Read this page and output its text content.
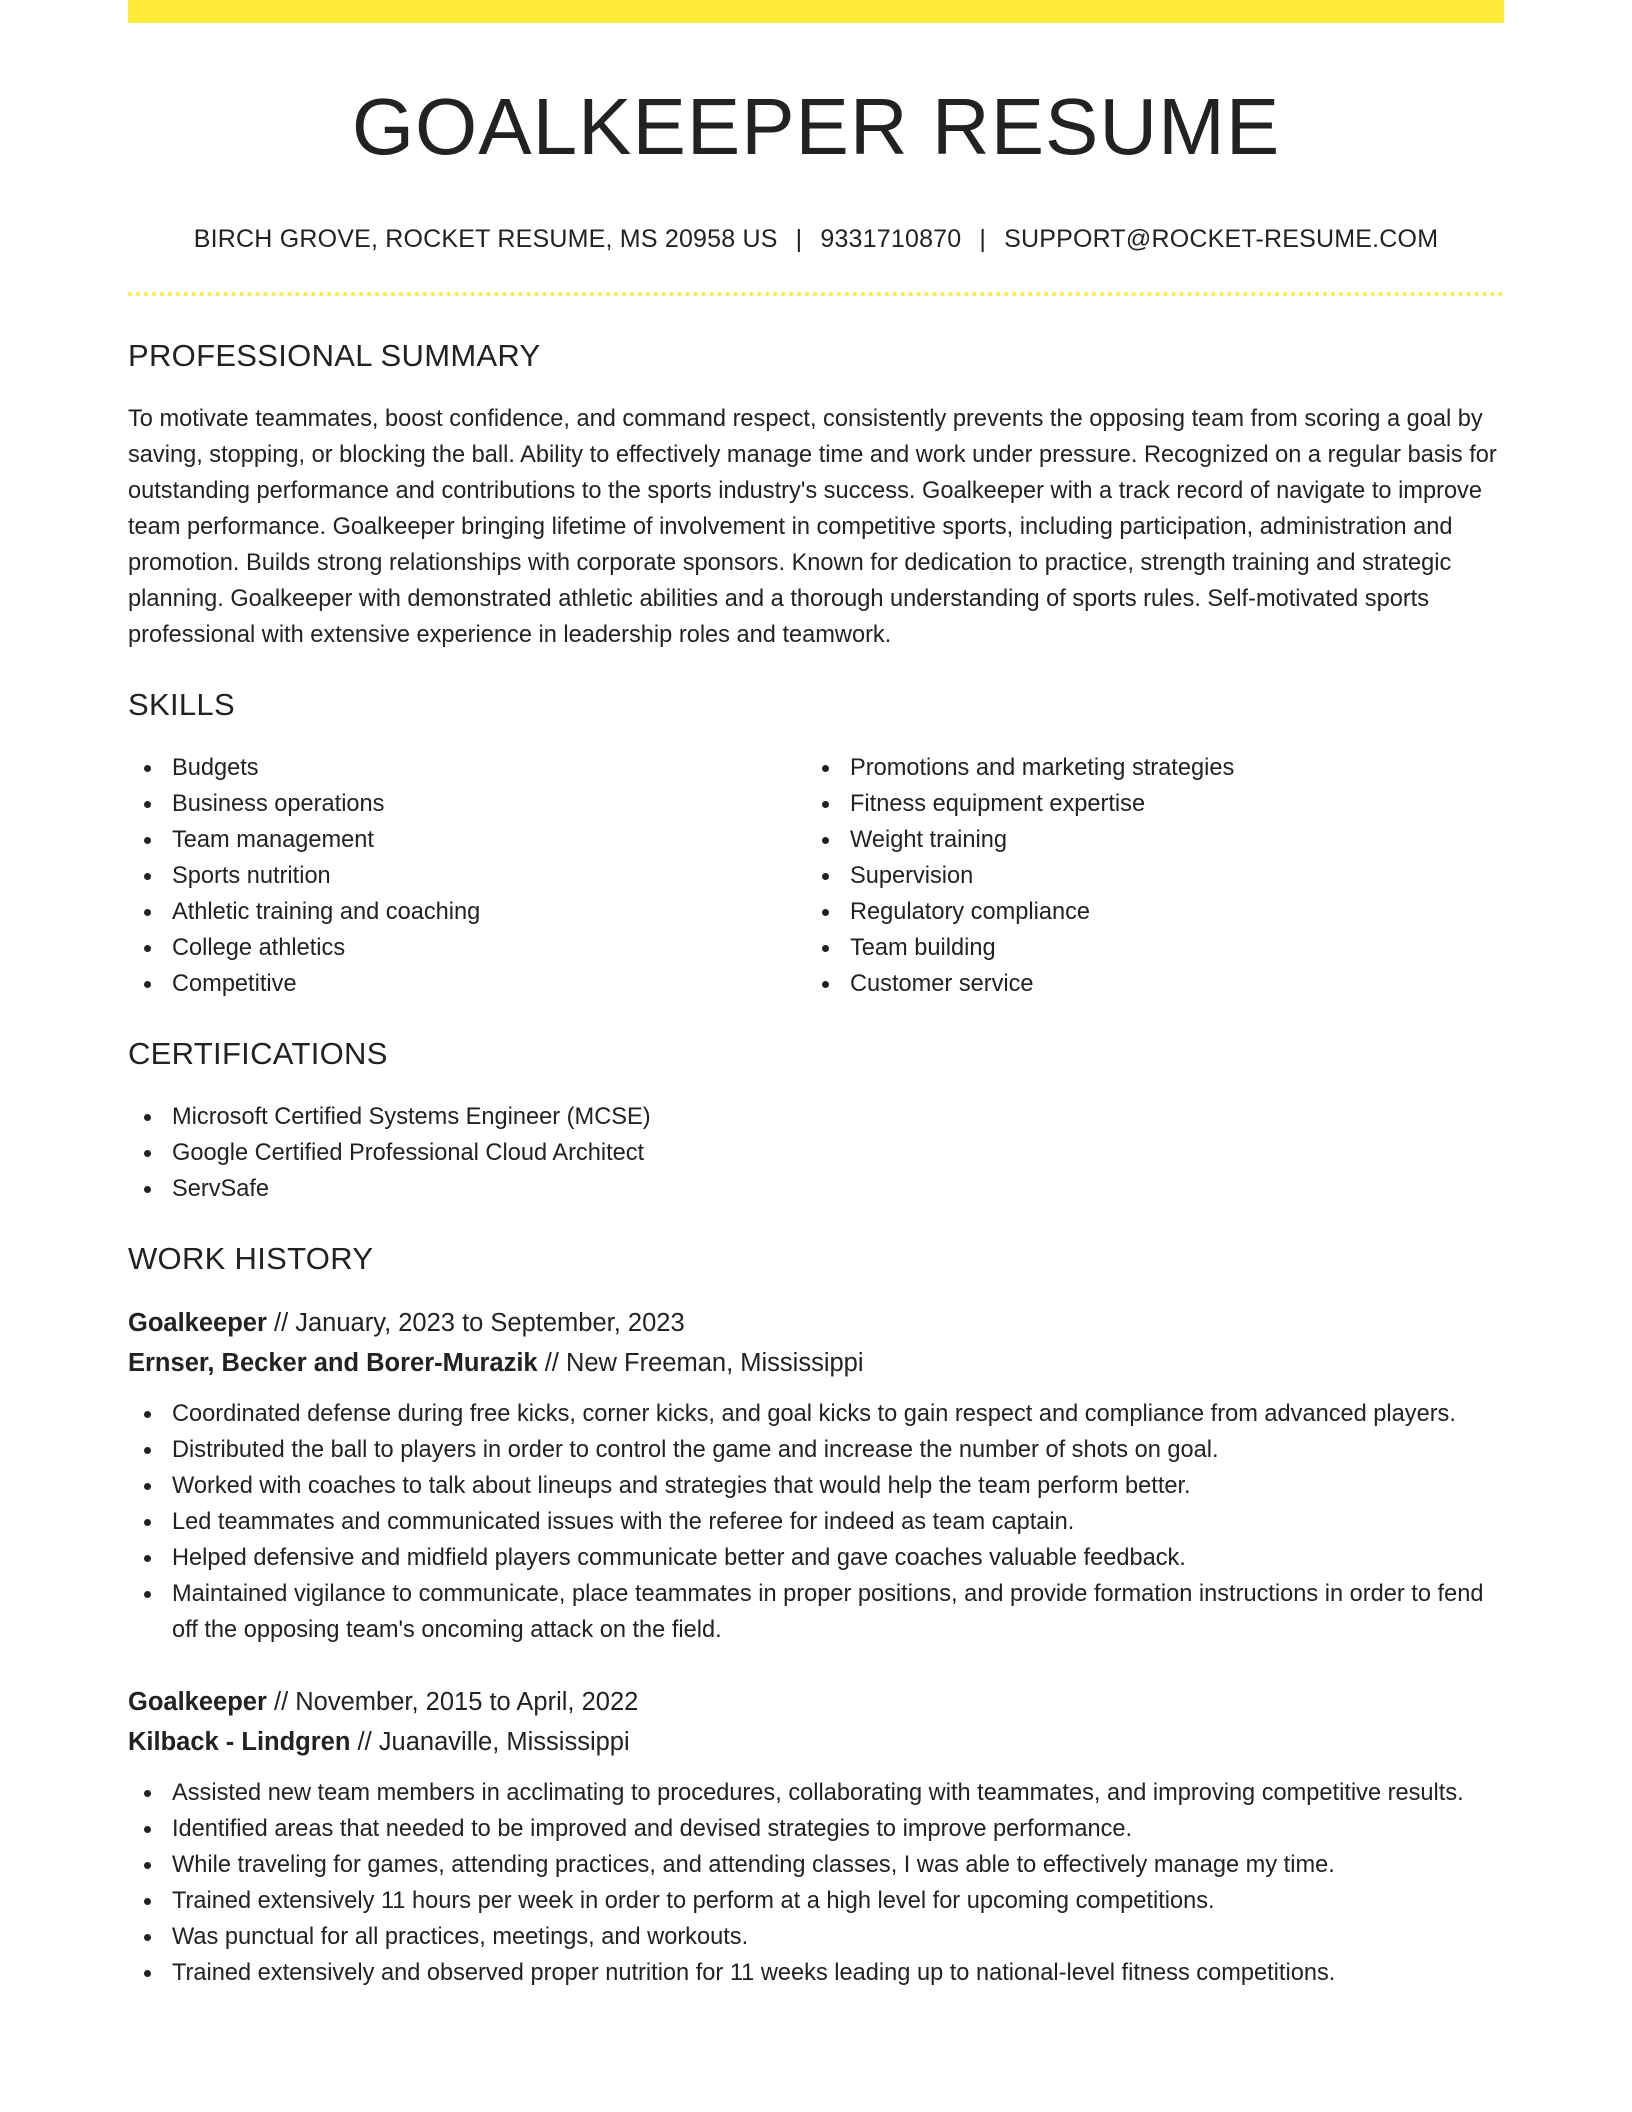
GOALKEEPER RESUME
BIRCH GROVE, ROCKET RESUME, MS 20958 US | 9331710870 | SUPPORT@ROCKET-RESUME.COM
PROFESSIONAL SUMMARY

To motivate teammates, boost confidence, and command respect, consistently prevents the opposing team from scoring a goal by saving, stopping, or blocking the ball. Ability to effectively manage time and work under pressure. Recognized on a regular basis for outstanding performance and contributions to the sports industry's success. Goalkeeper with a track record of navigate to improve team performance. Goalkeeper bringing lifetime of involvement in competitive sports, including participation, administration and promotion. Builds strong relationships with corporate sponsors. Known for dedication to practice, strength training and strategic planning. Goalkeeper with demonstrated athletic abilities and a thorough understanding of sports rules. Self-motivated sports professional with extensive experience in leadership roles and teamwork.

SKILLS
Budgets
Business operations
Team management
Sports nutrition
Athletic training and coaching
College athletics
Competitive
Promotions and marketing strategies
Fitness equipment expertise
Weight training
Supervision
Regulatory compliance
Team building
Customer service
CERTIFICATIONS
Microsoft Certified Systems Engineer (MCSE)
Google Certified Professional Cloud Architect
ServSafe
WORK HISTORY
Goalkeeper // January, 2023 to September, 2023
Ernser, Becker and Borer-Murazik // New Freeman, Mississippi
Coordinated defense during free kicks, corner kicks, and goal kicks to gain respect and compliance from advanced players.
Distributed the ball to players in order to control the game and increase the number of shots on goal.
Worked with coaches to talk about lineups and strategies that would help the team perform better.
Led teammates and communicated issues with the referee for indeed as team captain.
Helped defensive and midfield players communicate better and gave coaches valuable feedback.
Maintained vigilance to communicate, place teammates in proper positions, and provide formation instructions in order to fend off the opposing team's oncoming attack on the field.
Goalkeeper // November, 2015 to April, 2022
Kilback - Lindgren // Juanaville, Mississippi
Assisted new team members in acclimating to procedures, collaborating with teammates, and improving competitive results.
Identified areas that needed to be improved and devised strategies to improve performance.
While traveling for games, attending practices, and attending classes, I was able to effectively manage my time.
Trained extensively 11 hours per week in order to perform at a high level for upcoming competitions.
Was punctual for all practices, meetings, and workouts.
Trained extensively and observed proper nutrition for 11 weeks leading up to national-level fitness competitions.
